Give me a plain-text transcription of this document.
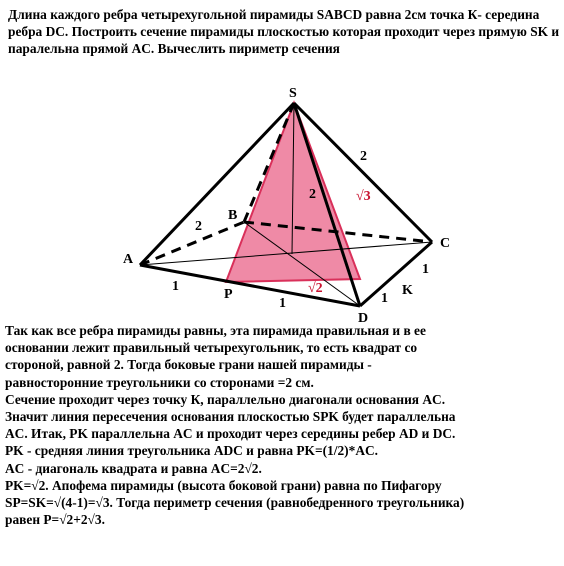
Длина каждого ребра четырехугольной пирамиды SABCD равна 2см точка К- середина ребра DC. Построить сечение пирамиды плоскостью которая проходит через прямую SK и паралельна прямой AC. Вычеслить пириметр сечения

S
A
B
C
D
P	K
2
2
2	√3
√2
1
1	1
1

Так как все ребра пирамиды равны, эта пирамида правильная и в ее

основании лежит правильный четырехугольник, то есть квадрат со

стороной, равной 2. Тогда боковые грани нашей пирамиды -

равносторонние треугольники со сторонами =2 см.

Сечение проходит через точку К, параллельно диагонали основания AC.

Значит линия пересечения основания плоскостью SPK будет параллельна

AC. Итак, PK параллельна AC и проходит через середины ребер AD и DC.

PK - средняя линия треугольника ADC и равна PK=(1/2)*AC.

AC - диагональ квадрата и равна AC=2√2.

PK=√2. Апофема пирамиды (высота боковой грани) равна по Пифагору

SP=SK=√(4-1)=√3. Тогда периметр сечения (равнобедренного треугольника)

равен P=√2+2√3.
